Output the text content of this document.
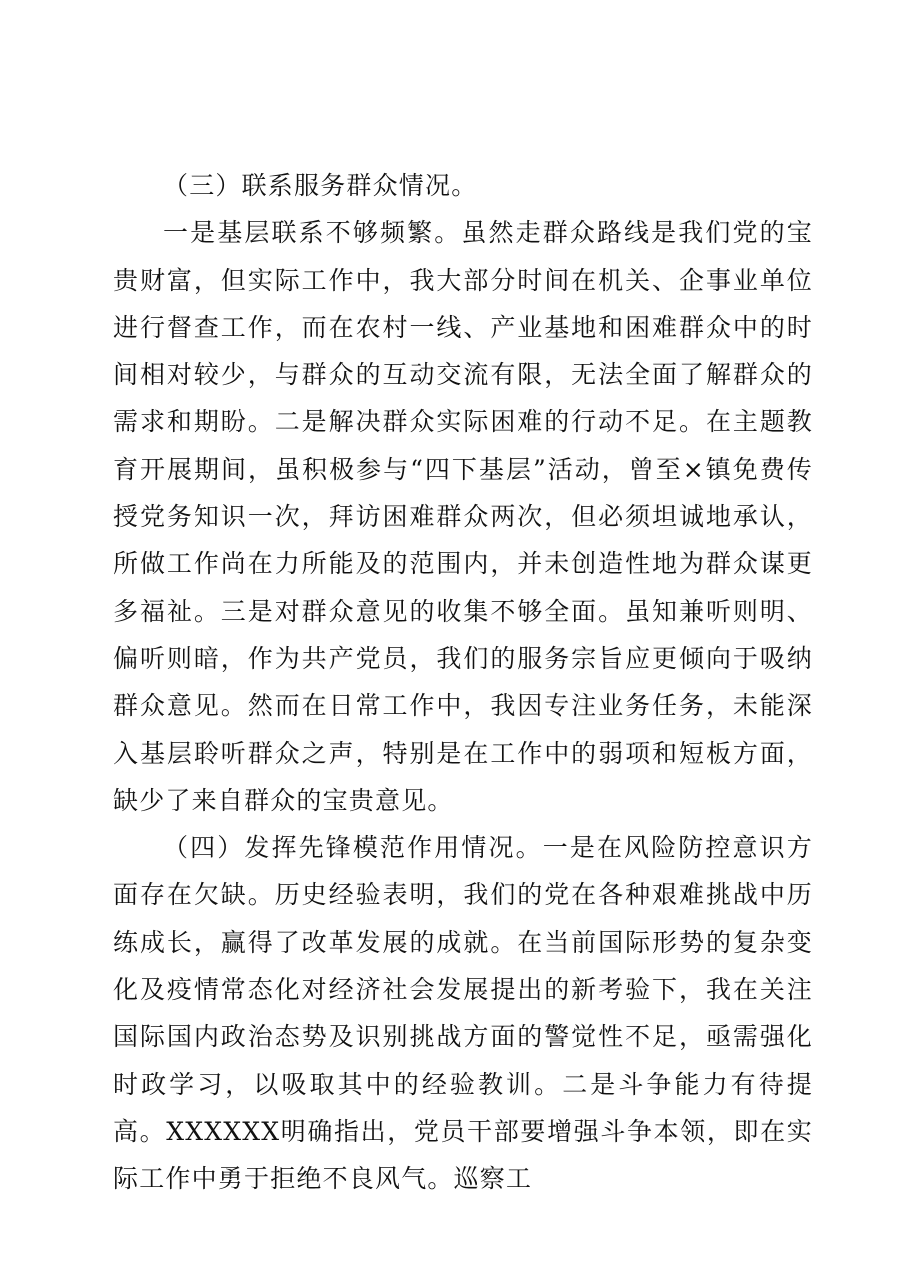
（三）联系服务群众情况。

一是基层联系不够频繁。虽然走群众路线是我们党的宝贵财富，但实际工作中，我大部分时间在机关、企事业单位进行督查工作，而在农村一线、产业基地和困难群众中的时间相对较少，与群众的互动交流有限，无法全面了解群众的需求和期盼。二是解决群众实际困难的行动不足。在主题教育开展期间，虽积极参与“四下基层”活动，曾至×镇免费传授党务知识一次，拜访困难群众两次，但必须坦诚地承认，所做工作尚在力所能及的范围内，并未创造性地为群众谋更多福祉。三是对群众意见的收集不够全面。虽知兼听则明、偏听则暗，作为共产党员，我们的服务宗旨应更倾向于吸纳群众意见。然而在日常工作中，我因专注业务任务，未能深入基层聆听群众之声，特别是在工作中的弱项和短板方面，缺少了来自群众的宝贵意见。

（四）发挥先锋模范作用情况。一是在风险防控意识方面存在欠缺。历史经验表明，我们的党在各种艰难挑战中历练成长，赢得了改革发展的成就。在当前国际形势的复杂变化及疫情常态化对经济社会发展提出的新考验下，我在关注国际国内政治态势及识别挑战方面的警觉性不足，亟需强化时政学习，以吸取其中的经验教训。二是斗争能力有待提高。XXXXXX明确指出，党员干部要增强斗争本领，即在实际工作中勇于拒绝不良风气。巡察工
